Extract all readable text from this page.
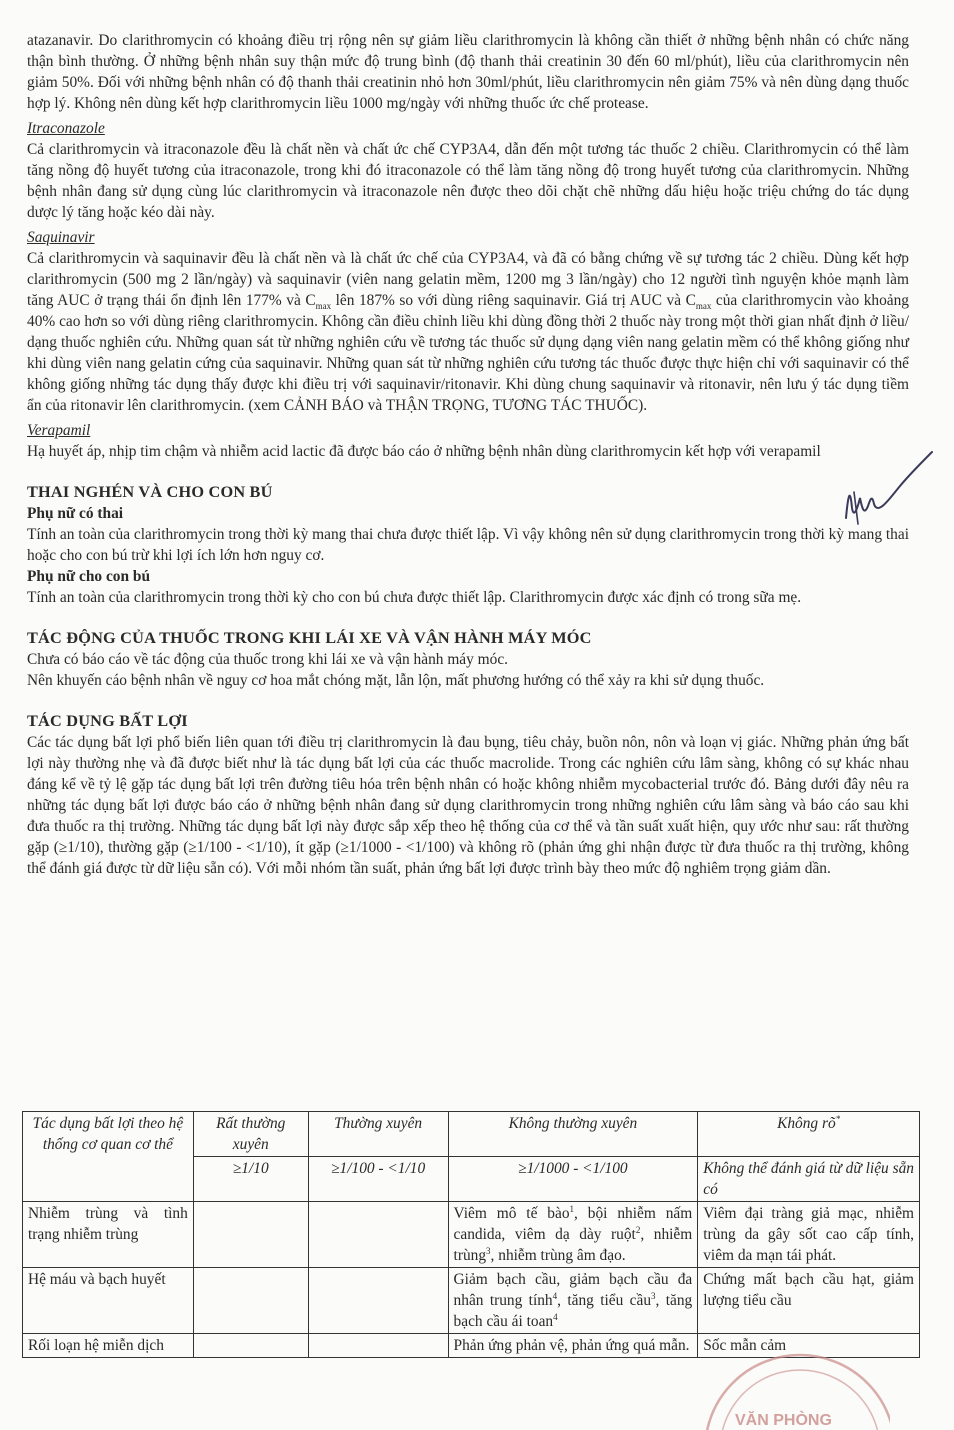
atazanavir. Do clarithromycin có khoảng điều trị rộng nên sự giảm liều clarithromycin là không cần thiết ở những bệnh nhân có chức năng thận bình thường. Ở những bệnh nhân suy thận mức độ trung bình (độ thanh thải creatinin 30 đến 60 ml/phút), liều của clarithromycin nên giảm 50%. Đối với những bệnh nhân có độ thanh thải creatinin nhỏ hơn 30ml/phút, liều clarithromycin nên giảm 75% và nên dùng dạng thuốc hợp lý. Không nên dùng kết hợp clarithromycin liều 1000 mg/ngày với những thuốc ức chế protease.

Itraconazole

Cả clarithromycin và itraconazole đều là chất nền và chất ức chế CYP3A4, dẫn đến một tương tác thuốc 2 chiều. Clarithromycin có thể làm tăng nồng độ huyết tương của itraconazole, trong khi đó itraconazole có thể làm tăng nồng độ trong huyết tương của clarithromycin. Những bệnh nhân đang sử dụng cùng lúc clarithromycin và itraconazole nên được theo dõi chặt chẽ những dấu hiệu hoặc triệu chứng do tác dụng dược lý tăng hoặc kéo dài này.

Saquinavir

Cả clarithromycin và saquinavir đều là chất nền và là chất ức chế của CYP3A4, và đã có bằng chứng về sự tương tác 2 chiều. Dùng kết hợp clarithromycin (500 mg 2 lần/ngày) và saquinavir (viên nang gelatin mềm, 1200 mg 3 lần/ngày) cho 12 người tình nguyện khỏe mạnh làm tăng AUC ở trạng thái ổn định lên 177% và $C_{max}$ lên 187% so với dùng riêng saquinavir. Giá trị AUC và $C_{max}$ của clarithromycin vào khoảng 40% cao hơn so với dùng riêng clarithromycin. Không cần điều chỉnh liều khi dùng đồng thời 2 thuốc này trong một thời gian nhất định ở liều/ dạng thuốc nghiên cứu. Những quan sát từ những nghiên cứu về tương tác thuốc sử dụng dạng viên nang gelatin mềm có thể không giống như khi dùng viên nang gelatin cứng của saquinavir. Những quan sát từ những nghiên cứu tương tác thuốc được thực hiện chỉ với saquinavir có thể không giống những tác dụng thấy được khi điều trị với saquinavir/ritonavir. Khi dùng chung saquinavir và ritonavir, nên lưu ý tác dụng tiềm ẩn của ritonavir lên clarithromycin. (xem CẢNH BÁO và THẬN TRỌNG, TƯƠNG TÁC THUỐC).

Verapamil

Hạ huyết áp, nhịp tim chậm và nhiễm acid lactic đã được báo cáo ở những bệnh nhân dùng clarithromycin kết hợp với verapamil

THAI NGHÉN VÀ CHO CON BÚ
Phụ nữ có thai

Tính an toàn của clarithromycin trong thời kỳ mang thai chưa được thiết lập. Vì vậy không nên sử dụng clarithromycin trong thời kỳ mang thai hoặc cho con bú trừ khi lợi ích lớn hơn nguy cơ.

Phụ nữ cho con bú

Tính an toàn của clarithromycin trong thời kỳ cho con bú chưa được thiết lập. Clarithromycin được xác định có trong sữa mẹ.

TÁC ĐỘNG CỦA THUỐC TRONG KHI LÁI XE VÀ VẬN HÀNH MÁY MÓC

Chưa có báo cáo về tác động của thuốc trong khi lái xe và vận hành máy móc.

Nên khuyến cáo bệnh nhân về nguy cơ hoa mắt chóng mặt, lẫn lộn, mất phương hướng có thể xảy ra khi sử dụng thuốc.

TÁC DỤNG BẤT LỢI

Các tác dụng bất lợi phổ biến liên quan tới điều trị clarithromycin là đau bụng, tiêu chảy, buồn nôn, nôn và loạn vị giác. Những phản ứng bất lợi này thường nhẹ và đã được biết như là tác dụng bất lợi của các thuốc macrolide. Trong các nghiên cứu lâm sàng, không có sự khác nhau đáng kể về tỷ lệ gặp tác dụng bất lợi trên đường tiêu hóa trên bệnh nhân có hoặc không nhiễm mycobacterial trước đó. Bảng dưới đây nêu ra những tác dụng bất lợi được báo cáo ở những bệnh nhân đang sử dụng clarithromycin trong những nghiên cứu lâm sàng và báo cáo sau khi đưa thuốc ra thị trường. Những tác dụng bất lợi này được sắp xếp theo hệ thống của cơ thể và tần suất xuất hiện, quy ước như sau: rất thường gặp (≥1/10), thường gặp (≥1/100 - <1/10), ít gặp (≥1/1000 - <1/100) và không rõ (phản ứng ghi nhận được từ đưa thuốc ra thị trường, không thể đánh giá được từ dữ liệu sẵn có). Với mỗi nhóm tần suất, phản ứng bất lợi được trình bày theo mức độ nghiêm trọng giảm dần.

Tác dụng bất lợi theo hệ thống cơ quan cơ thể	Rất thường xuyên	Thường xuyên	Không thường xuyên	Không rõ*
	≥1/10	≥1/100 - <1/10	≥1/1000 - <1/100	Không thể đánh giá từ dữ liệu sẵn có
Nhiễm trùng và tình trạng nhiễm trùng			Viêm mô tế bào$^1$, bội nhiễm nấm candida, viêm dạ dày ruột$^2$, nhiễm trùng$^3$, nhiễm trùng âm đạo.	Viêm đại tràng giả mạc, nhiễm trùng da gây sốt cao cấp tính, viêm da mạn tái phát.
Hệ máu và bạch huyết			Giảm bạch cầu, giảm bạch cầu đa nhân trung tính$^4$, tăng tiểu cầu$^3$, tăng bạch cầu ái toan$^4$	Chứng mất bạch cầu hạt, giảm lượng tiểu cầu
Rối loạn hệ miễn dịch			Phản ứng phản vệ, phản ứng quá mẫn.	Sốc mẫn cảm
VĂN PHÒNG
